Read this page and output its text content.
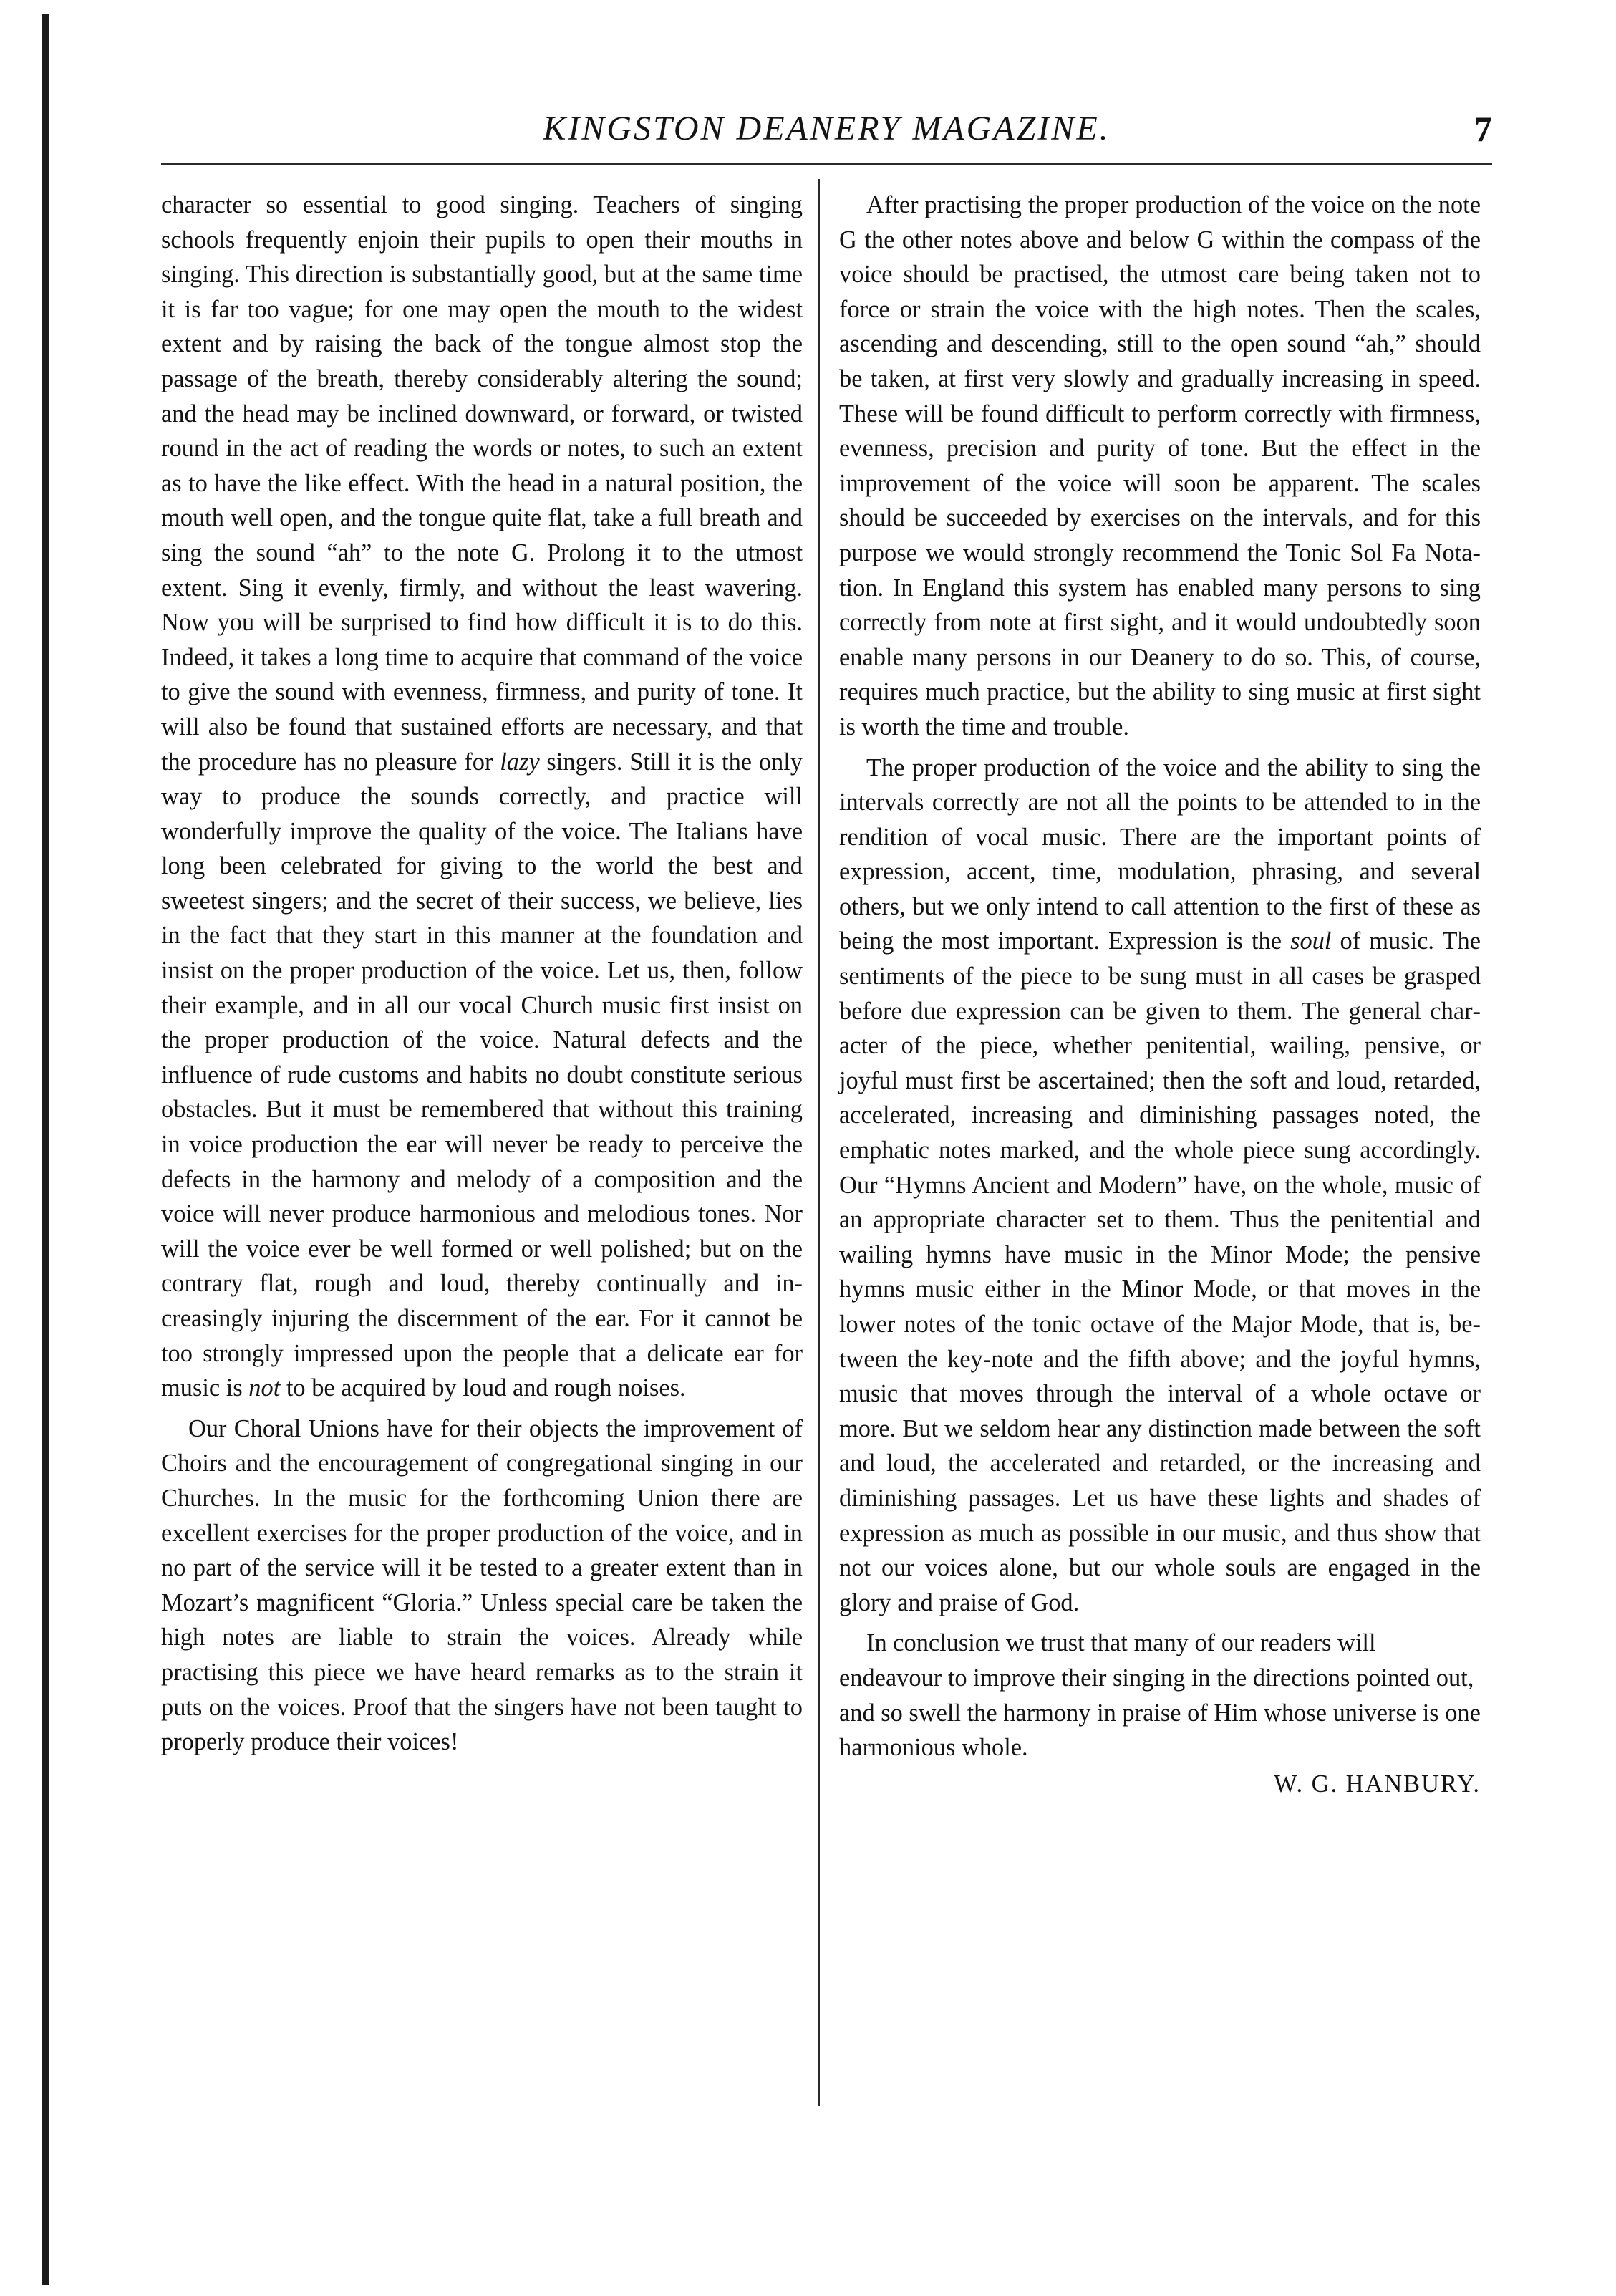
KINGSTON DEANERY MAGAZINE.	7

character so essential to good singing. Teachers of singing schools frequently enjoin their pupils to open their mouths in singing. This direction is substantially good, but at the same time it is far too vague; for one may open the mouth to the widest extent and by raising the back of the tongue almost stop the passage of the breath, thereby considerably altering the sound; and the head may be inclined downward, or forward, or twisted round in the act of reading the words or notes, to such an extent as to have the like effect. With the head in a natural position, the mouth well open, and the tongue quite flat, take a full breath and sing the sound “ah” to the note G. Prolong it to the utmost extent. Sing it evenly, firmly, and without the least wavering. Now you will be surprised to find how difficult it is to do this. Indeed, it takes a long time to acquire that command of the voice to give the sound with evenness, firmness, and purity of tone. It will also be found that sustained efforts are necessary, and that the procedure has no pleasure for lazy singers. Still it is the only way to produce the sounds correctly, and practice will wonderfully improve the quality of the voice. The Italians have long been celebrated for giving to the world the best and sweetest singers; and the secret of their success, we believe, lies in the fact that they start in this manner at the foundation and insist on the proper production of the voice. Let us, then, follow their example, and in all our vocal Church music first insist on the proper production of the voice. Natural defects and the influence of rude customs and habits no doubt constitute serious obstacles. But it must be remembered that without this training in voice production the ear will never be ready to perceive the defects in the harmony and melody of a composition and the voice will never produce harmonious and melodious tones. Nor will the voice ever be well formed or well polished; but on the contrary flat, rough and loud, thereby continually and increasingly injuring the discernment of the ear. For it cannot be too strongly impressed upon the people that a delicate ear for music is not to be acquired by loud and rough noises.

Our Choral Unions have for their objects the improvement of Choirs and the encouragement of congregational singing in our Churches. In the music for the forthcoming Union there are excellent exercises for the proper production of the voice, and in no part of the service will it be tested to a greater extent than in Mozart’s magnificent “Gloria.” Unless special care be taken the high notes are liable to strain the voices. Already while practising this piece we have heard remarks as to the strain it puts on the voices. Proof that the singers have not been taught to properly produce their voices!

After practising the proper production of the voice on the note G the other notes above and below G within the compass of the voice should be practised, the utmost care being taken not to force or strain the voice with the high notes. Then the scales, ascending and descending, still to the open sound “ah,” should be taken, at first very slowly and gradually increasing in speed. These will be found difficult to perform correctly with firmness, evenness, precision and purity of tone. But the effect in the improvement of the voice will soon be apparent. The scales should be succeeded by exercises on the intervals, and for this purpose we would strongly recommend the Tonic Sol Fa Notation. In England this system has enabled many persons to sing correctly from note at first sight, and it would undoubtedly soon enable many persons in our Deanery to do so. This, of course, requires much practice, but the ability to sing music at first sight is worth the time and trouble.

The proper production of the voice and the ability to sing the intervals correctly are not all the points to be attended to in the rendition of vocal music. There are the important points of expression, accent, time, modulation, phrasing, and several others, but we only intend to call attention to the first of these as being the most important. Expression is the soul of music. The sentiments of the piece to be sung must in all cases be grasped before due expression can be given to them. The general character of the piece, whether penitential, wailing, pensive, or joyful must first be ascertained; then the soft and loud, retarded, accelerated, increasing and diminishing passages noted, the emphatic notes marked, and the whole piece sung accordingly. Our “Hymns Ancient and Modern” have, on the whole, music of an appropriate character set to them. Thus the penitential and wailing hymns have music in the Minor Mode; the pensive hymns music either in the Minor Mode, or that moves in the lower notes of the tonic octave of the Major Mode, that is, between the key-note and the fifth above; and the joyful hymns, music that moves through the interval of a whole octave or more. But we seldom hear any distinction made between the soft and loud, the accelerated and retarded, or the increasing and diminishing passages. Let us have these lights and shades of expression as much as possible in our music, and thus show that not our voices alone, but our whole souls are engaged in the glory and praise of God.

In conclusion we trust that many of our readers will endeavour to improve their singing in the directions pointed out, and so swell the harmony in praise of Him whose universe is one harmonious whole.
W. G. HANBURY.
